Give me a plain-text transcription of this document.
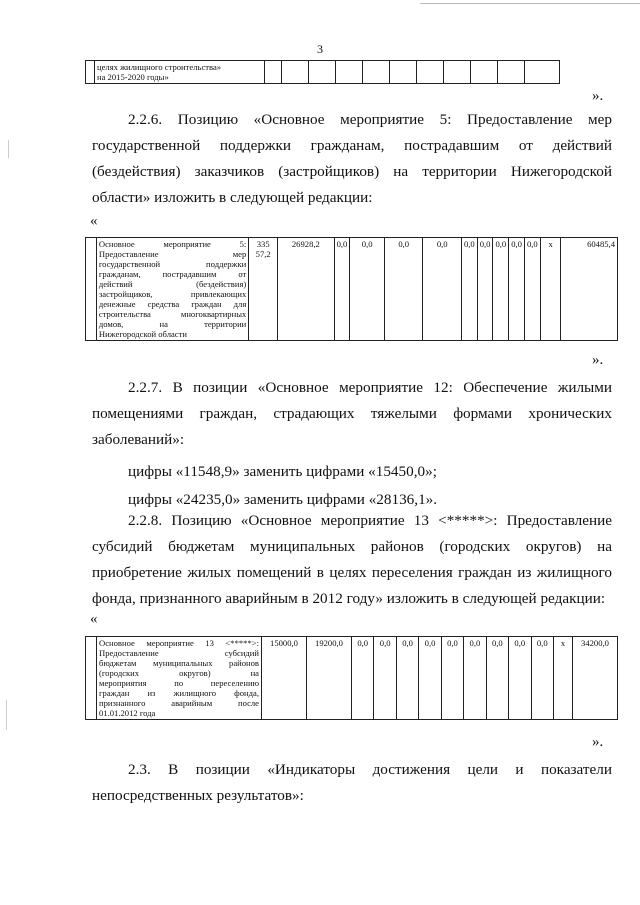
3

целях жилищного строительства»
на 2015-2020 годы»

».
2.2.6. Позицию «Основное мероприятие 5: Предоставление мер
государственной поддержки гражданам, пострадавшим от действий
(бездействия) заказчиков (застройщиков) на территории Нижегородской
области» изложить в следующей редакции:
«

Основное мероприятие 5:
Предоставление мер
государственной поддержки
гражданам, пострадавшим от
действий (бездействия)
застройщиков, привлекающих
денежные средства граждан для
строительства многоквартирных
домов, на территории
Нижегородской области
	335 57,2	26928,2	0,0	0,0	0,0	0,0	0,0	0,0	0,0	0,0	0,0	x	60485,4
».
2.2.7. В позиции «Основное мероприятие 12: Обеспечение жилыми
помещениями граждан, страдающих тяжелыми формами хронических
заболеваний»:
цифры «11548,9» заменить цифрами «15450,0»;
цифры «24235,0» заменить цифрами «28136,1».
2.2.8. Позицию «Основное мероприятие 13 <*****>: Предоставление
субсидий бюджетам муниципальных районов (городских округов) на
приобретение жилых помещений в целях переселения граждан из жилищного
фонда, признанного аварийным в 2012 году» изложить в следующей редакции:
«

Основное мероприятие 13 <*****>:
Предоставление субсидий
бюджетам муниципальных районов
(городских округов) на
мероприятия по переселению
граждан из жилищного фонда,
признанного аварийным после
01.01.2012 года
	15000,0	19200,0	0,0	0,0	0,0	0,0	0,0	0,0	0,0	0,0	0,0	x	34200,0
».
2.3. В позиции «Индикаторы достижения цели и показатели
непосредственных результатов»:
